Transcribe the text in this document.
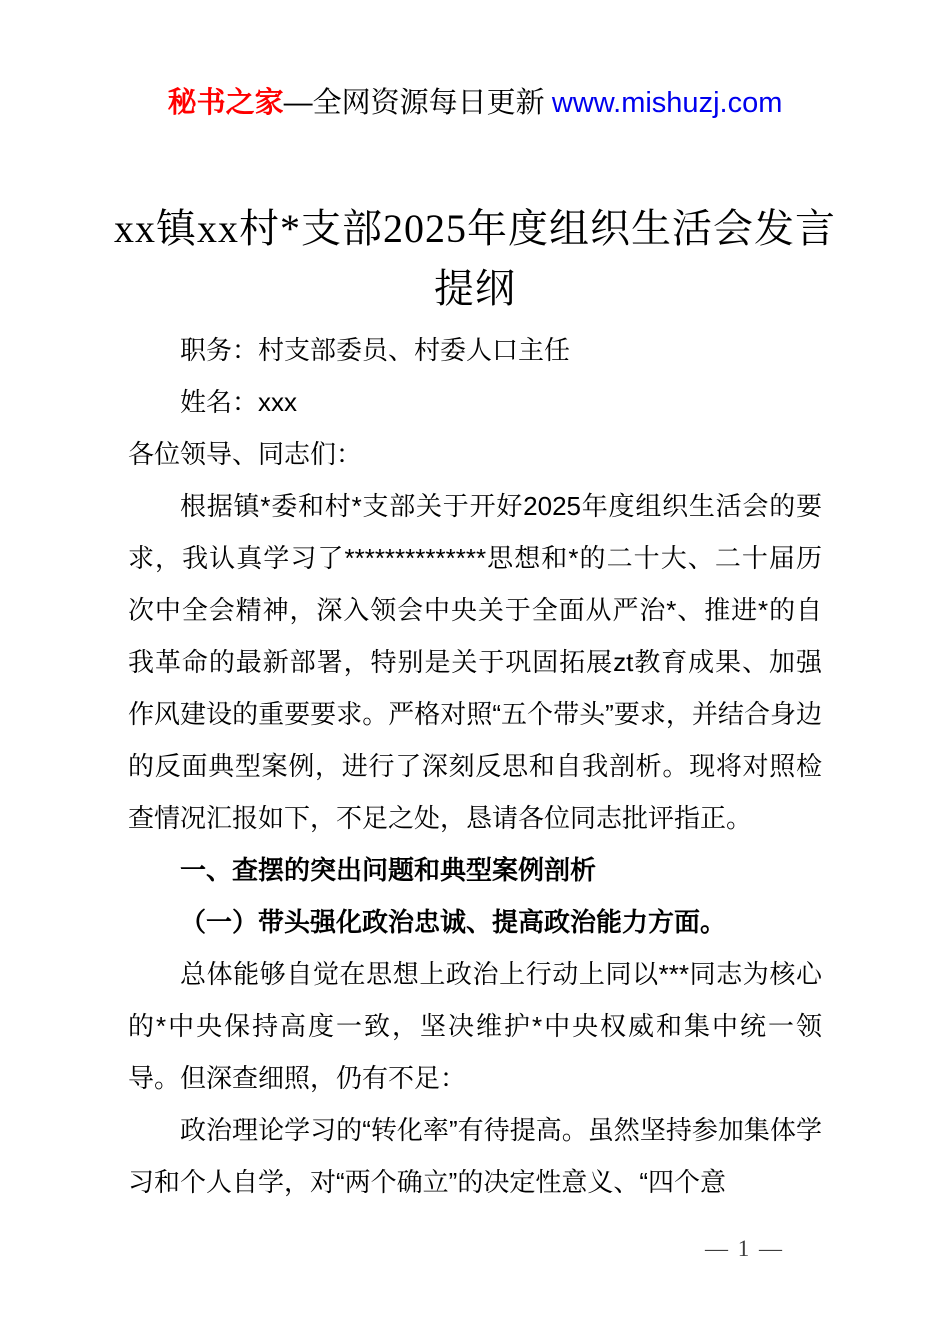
秘书之家—全网资源每日更新 www.mishuzj.com
xx镇xx村*支部2025年度组织生活会发言提纲

职务：村支部委员、村委人口主任

姓名：xxx

各位领导、同志们：

根据镇*委和村*支部关于开好2025年度组织生活会的要求，我认真学习了**************思想和*的二十大、二十届历次中全会精神，深入领会中央关于全面从严治*、推进*的自我革命的最新部署，特别是关于巩固拓展zt教育成果、加强作风建设的重要要求。严格对照“五个带头”要求，并结合身边的反面典型案例，进行了深刻反思和自我剖析。现将对照检查情况汇报如下，不足之处，恳请各位同志批评指正。

一、查摆的突出问题和典型案例剖析

（一）带头强化政治忠诚、提高政治能力方面。

总体能够自觉在思想上政治上行动上同以***同志为核心的*中央保持高度一致，坚决维护*中央权威和集中统一领导。但深查细照，仍有不足：

政治理论学习的“转化率”有待提高。虽然坚持参加集体学习和个人自学，对“两个确立”的决定性意义、“四个意

— 1 —
